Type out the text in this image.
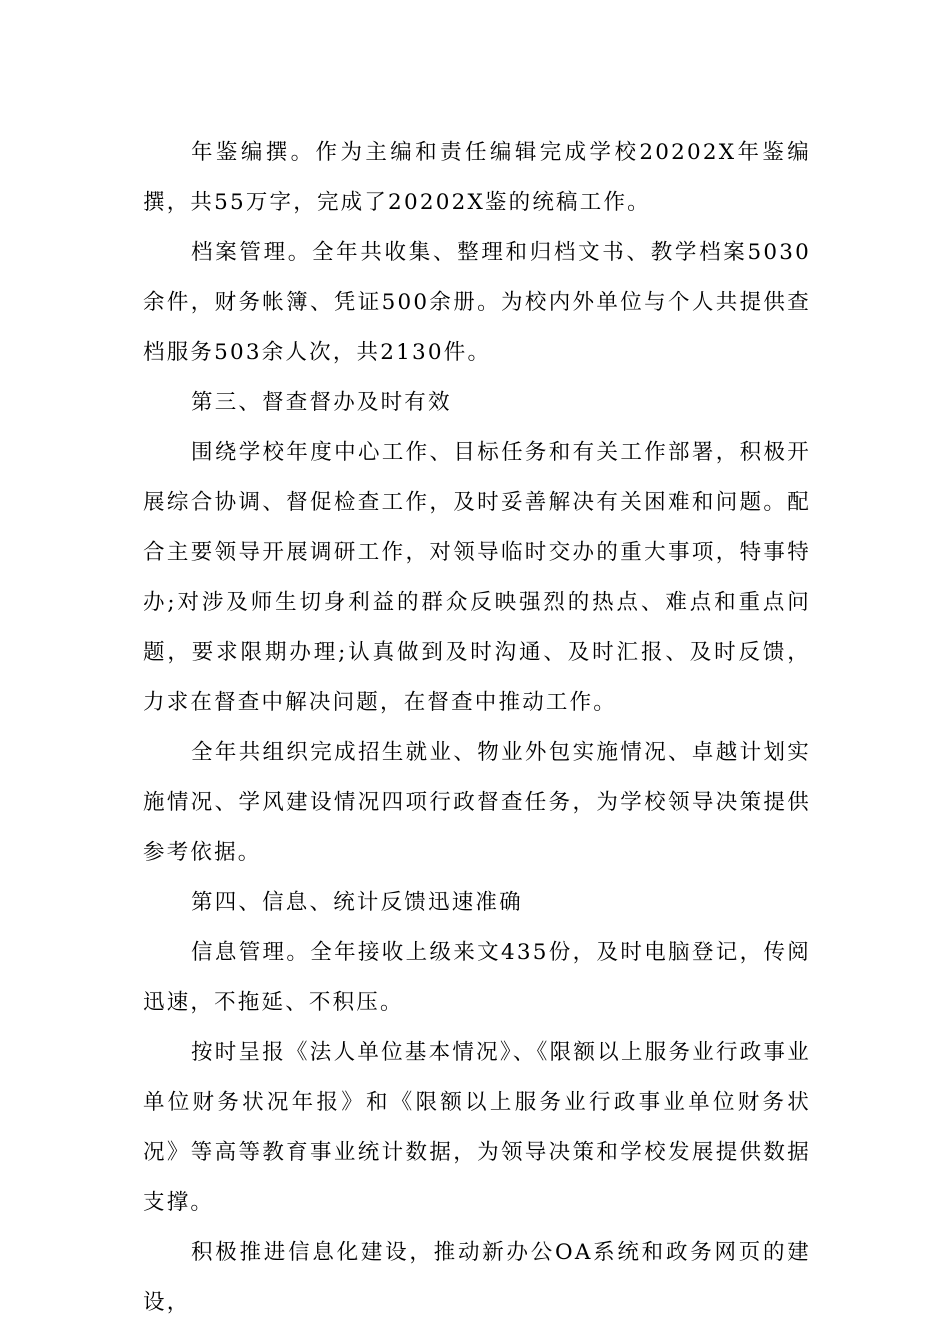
年鉴编撰。作为主编和责任编辑完成学校20202X年鉴编撰，共55万字，完成了20202X鉴的统稿工作。

档案管理。全年共收集、整理和归档文书、教学档案5030余件，财务帐簿、凭证500余册。为校内外单位与个人共提供查档服务503余人次，共2130件。

第三、督查督办及时有效

围绕学校年度中心工作、目标任务和有关工作部署，积极开展综合协调、督促检查工作，及时妥善解决有关困难和问题。配合主要领导开展调研工作，对领导临时交办的重大事项，特事特办;对涉及师生切身利益的群众反映强烈的热点、难点和重点问题，要求限期办理;认真做到及时沟通、及时汇报、及时反馈，力求在督查中解决问题，在督查中推动工作。

全年共组织完成招生就业、物业外包实施情况、卓越计划实施情况、学风建设情况四项行政督查任务，为学校领导决策提供参考依据。

第四、信息、统计反馈迅速准确

信息管理。全年接收上级来文435份，及时电脑登记，传阅迅速，不拖延、不积压。

按时呈报《法人单位基本情况》、《限额以上服务业行政事业单位财务状况年报》和《限额以上服务业行政事业单位财务状况》等高等教育事业统计数据，为领导决策和学校发展提供数据支撑。

积极推进信息化建设，推动新办公OA系统和政务网页的建设，
